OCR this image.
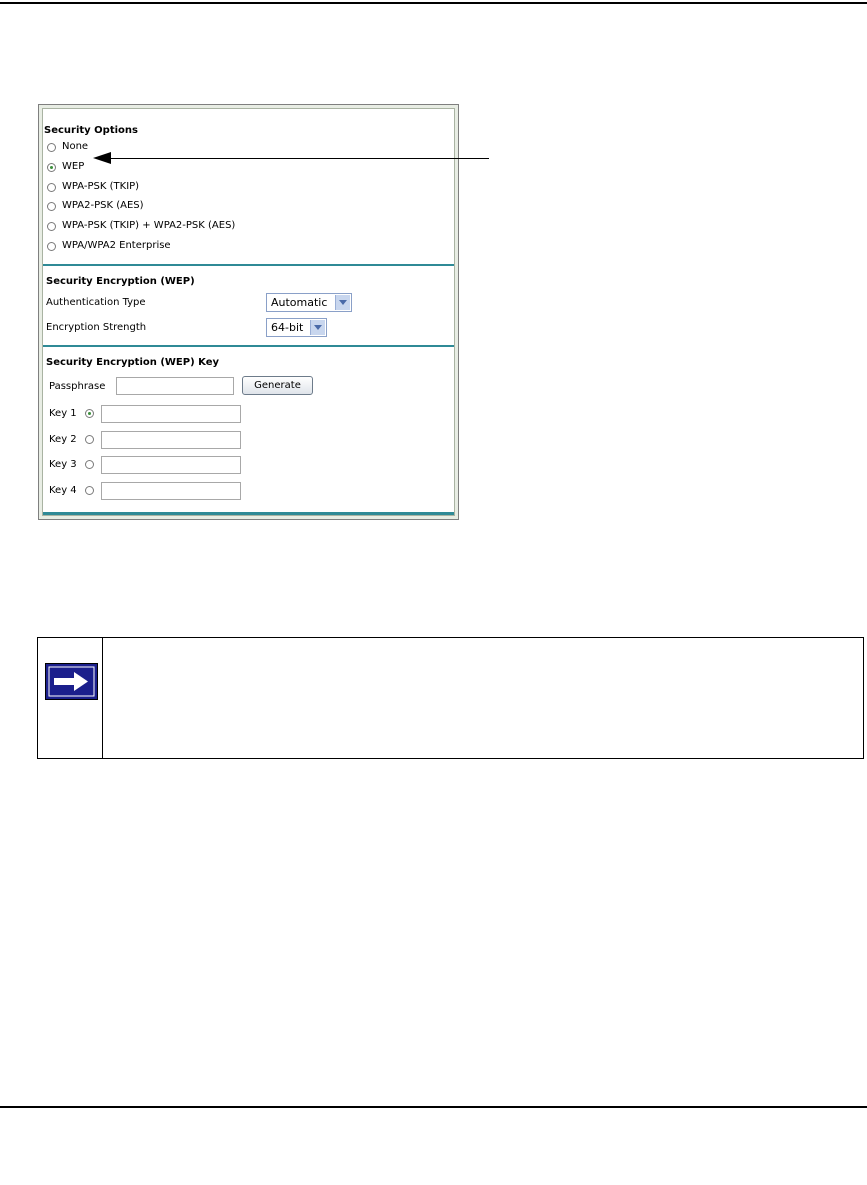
Security Options
None
WEP
WPA-PSK (TKIP)
WPA2-PSK (AES)
WPA-PSK (TKIP) + WPA2-PSK (AES)
WPA/WPA2 Enterprise
Security Encryption (WEP)
Authentication Type	Automatic
Encryption Strength	64-bit
Security Encryption (WEP) Key
Passphrase	Generate
Key 1
Key 2
Key 3
Key 4
